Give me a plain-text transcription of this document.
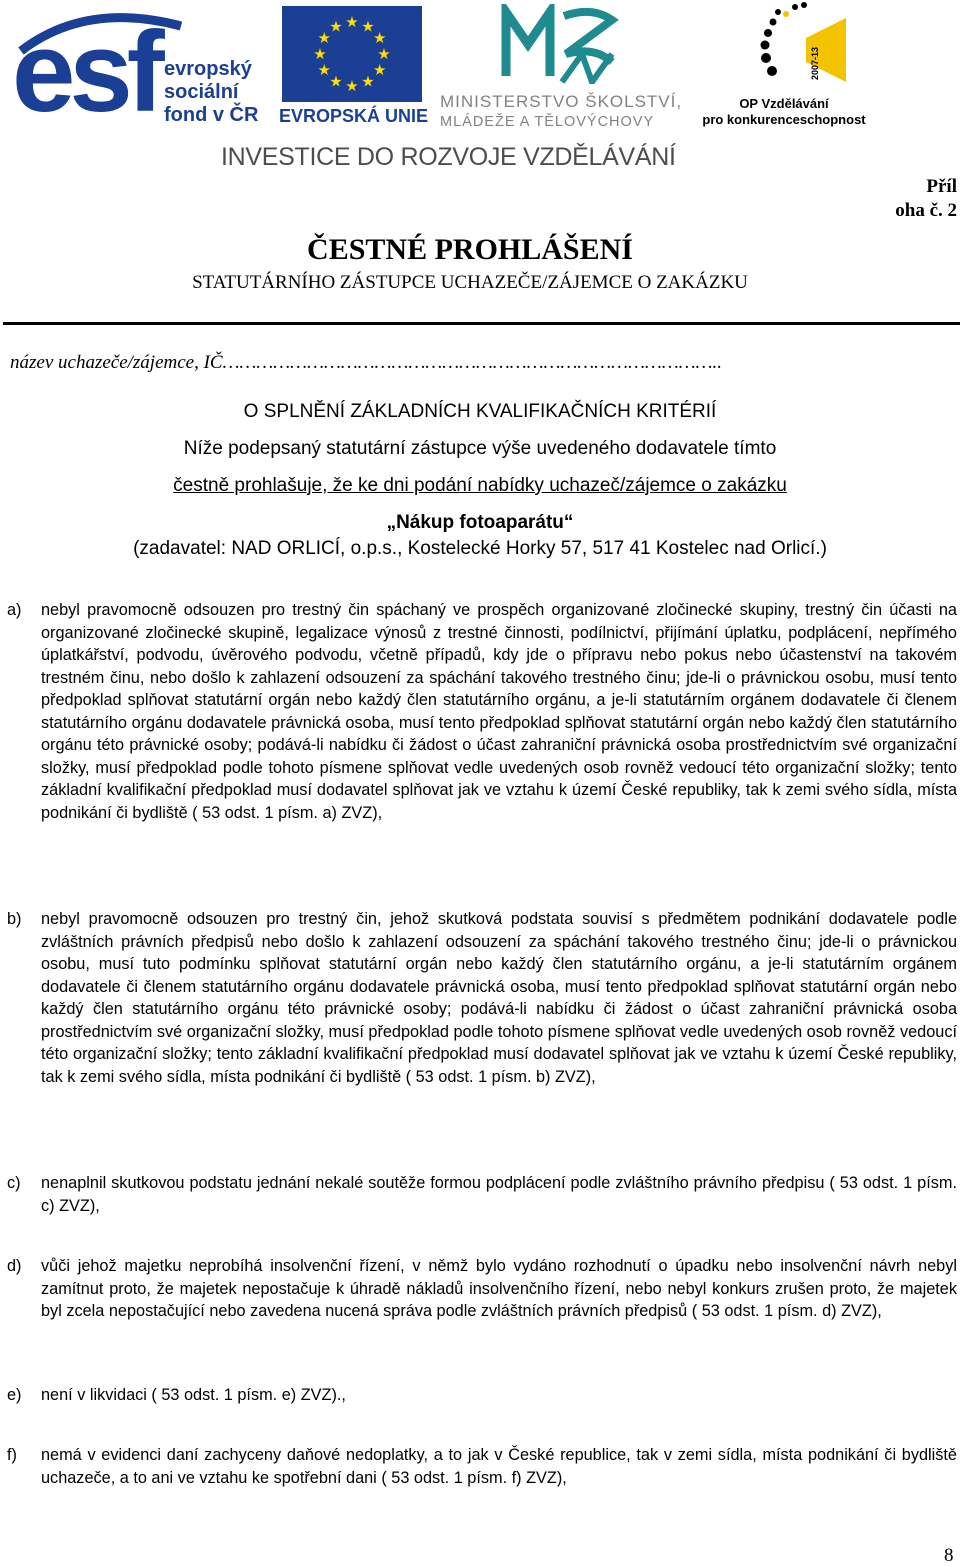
esf evropský
sociální
fond v ČR
★ ★
★
★
★
★
★
★
★
★
★
★
EVROPSKÁ UNIE
MINISTERSTVO ŠKOLSTVÍ,
MLÁDEŽE A TĚLOVÝCHOVY
2007-13
OP Vzdělávání
pro konkurenceschopnost
INVESTICE DO ROZVOJE VZDĚLÁVÁNÍ
Příl
oha č. 2
ČESTNÉ PROHLÁŠENÍ
STATUTÁRNÍHO ZÁSTUPCE UCHAZEČE/ZÁJEMCE O ZAKÁZKU
název uchazeče/zájemce, IČ……………………………………………………………………………..
O SPLNĚNÍ ZÁKLADNÍCH KVALIFIKAČNÍCH KRITÉRIÍ
Níže podepsaný statutární zástupce výše uvedeného dodavatele tímto
čestně prohlašuje, že ke dni podání nabídky uchazeč/zájemce o zakázku
„Nákup fotoaparátu“
(zadavatel: NAD ORLICÍ, o.p.s., Kostelecké Horky 57, 517 41 Kostelec nad Orlicí.)
a) nebyl pravomocně odsouzen pro trestný čin spáchaný ve prospěch organizované zločinecké skupiny, trestný čin účasti na organizované zločinecké skupině, legalizace výnosů z trestné činnosti, podílnictví, přijímání úplatku, podplácení, nepřímého úplatkářství, podvodu, úvěrového podvodu, včetně případů, kdy jde o přípravu nebo pokus nebo účastenství na takovém trestném činu, nebo došlo k zahlazení odsouzení za spáchání takového trestného činu; jde-li o právnickou osobu, musí tento předpoklad splňovat statutární orgán nebo každý člen statutárního orgánu, a je-li statutárním orgánem dodavatele či členem statutárního orgánu dodavatele právnická osoba, musí tento předpoklad splňovat statutární orgán nebo každý člen statutárního orgánu této právnické osoby; podává-li nabídku či žádost o účast zahraniční právnická osoba prostřednictvím své organizační složky, musí předpoklad podle tohoto písmene splňovat vedle uvedených osob rovněž vedoucí této organizační složky; tento základní kvalifikační předpoklad musí dodavatel splňovat jak ve vztahu k území České republiky, tak k zemi svého sídla, místa podnikání či bydliště ( 53 odst. 1 písm. a) ZVZ),
b) nebyl pravomocně odsouzen pro trestný čin, jehož skutková podstata souvisí s předmětem podnikání dodavatele podle zvláštních právních předpisů nebo došlo k zahlazení odsouzení za spáchání takového trestného činu; jde-li o právnickou osobu, musí tuto podmínku splňovat statutární orgán nebo každý člen statutárního orgánu, a je-li statutárním orgánem dodavatele či členem statutárního orgánu dodavatele právnická osoba, musí tento předpoklad splňovat statutární orgán nebo každý člen statutárního orgánu této právnické osoby; podává-li nabídku či žádost o účast zahraniční právnická osoba prostřednictvím své organizační složky, musí předpoklad podle tohoto písmene splňovat vedle uvedených osob rovněž vedoucí této organizační složky; tento základní kvalifikační předpoklad musí dodavatel splňovat jak ve vztahu k území České republiky, tak k zemi svého sídla, místa podnikání či bydliště ( 53 odst. 1 písm. b) ZVZ),
c) nenaplnil skutkovou podstatu jednání nekalé soutěže formou podplácení podle zvláštního právního předpisu ( 53 odst. 1 písm. c) ZVZ),
d) vůči jehož majetku neprobíhá insolvenční řízení, v němž bylo vydáno rozhodnutí o úpadku nebo insolvenční návrh nebyl zamítnut proto, že majetek nepostačuje k úhradě nákladů insolvenčního řízení, nebo nebyl konkurs zrušen proto, že majetek byl zcela nepostačující nebo zavedena nucená správa podle zvláštních právních předpisů ( 53 odst. 1 písm. d) ZVZ),
e) není v likvidaci ( 53 odst. 1 písm. e) ZVZ).,
f) nemá v evidenci daní zachyceny daňové nedoplatky, a to jak v České republice, tak v zemi sídla, místa podnikání či bydliště uchazeče, a to ani ve vztahu ke spotřební dani ( 53 odst. 1 písm. f) ZVZ),
8
